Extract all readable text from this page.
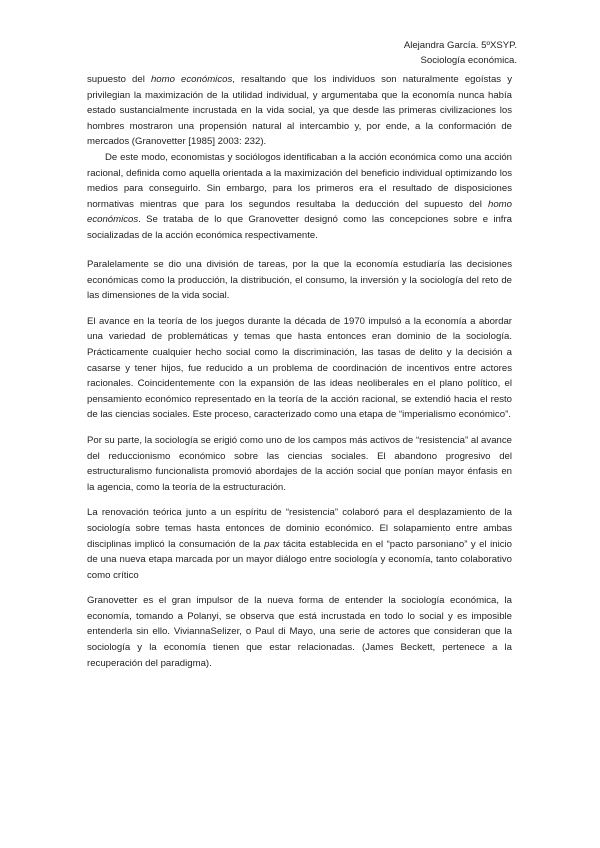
Alejandra García. 5ºXSYP.
Sociología económica.

supuesto del homo económicos, resaltando que los individuos son naturalmente egoístas y privilegian la maximización de la utilidad individual, y argumentaba que la economía nunca había estado sustancialmente incrustada en la vida social, ya que desde las primeras civilizaciones los hombres mostraron una propensión natural al intercambio y, por ende, a la conformación de mercados (Granovetter [1985] 2003: 232).

De este modo, economistas y sociólogos identificaban a la acción económica como una acción racional, definida como aquella orientada a la maximización del beneficio individual optimizando los medios para conseguirlo. Sin embargo, para los primeros era el resultado de disposiciones normativas mientras que para los segundos resultaba la deducción del supuesto del homo económicos. Se trataba de lo que Granovetter designó como las concepciones sobre e infra socializadas de la acción económica respectivamente.

Paralelamente se dio una división de tareas, por la que la economía estudiaría las decisiones económicas como la producción, la distribución, el consumo, la inversión y la sociología del reto de las dimensiones de la vida social.

El avance en la teoría de los juegos durante la década de 1970 impulsó a la economía a abordar una variedad de problemáticas y temas que hasta entonces eran dominio de la sociología. Prácticamente cualquier hecho social como la discriminación, las tasas de delito y la decisión a casarse y tener hijos, fue reducido a un problema de coordinación de incentivos entre actores racionales. Coincidentemente con la expansión de las ideas neoliberales en el plano político, el pensamiento económico representado en la teoría de la acción racional, se extendió hacia el resto de las ciencias sociales. Este proceso, caracterizado como una etapa de “imperialismo económico”.

Por su parte, la sociología se erigió como uno de los campos más activos de “resistencia” al avance del reduccionismo económico sobre las ciencias sociales. El abandono progresivo del estructuralismo funcionalista promovió abordajes de la acción social que ponían mayor énfasis en la agencia, como la teoría de la estructuración.

La renovación teórica junto a un espíritu de “resistencia” colaboró para el desplazamiento de la sociología sobre temas hasta entonces de dominio económico. El solapamiento entre ambas disciplinas implicó la consumación de la pax tácita establecida en el “pacto parsoniano” y el inicio de una nueva etapa marcada por un mayor diálogo entre sociología y economía, tanto colaborativo como crítico

Granovetter es el gran impulsor de la nueva forma de entender la sociología económica, la economía, tomando a Polanyi, se observa que está incrustada en todo lo social y es imposible entenderla sin ello. ViviannaSelizer, o Paul di Mayo, una serie de actores que consideran que la sociología y la economía tienen que estar relacionadas. (James Beckett, pertenece a la recuperación del paradigma).
